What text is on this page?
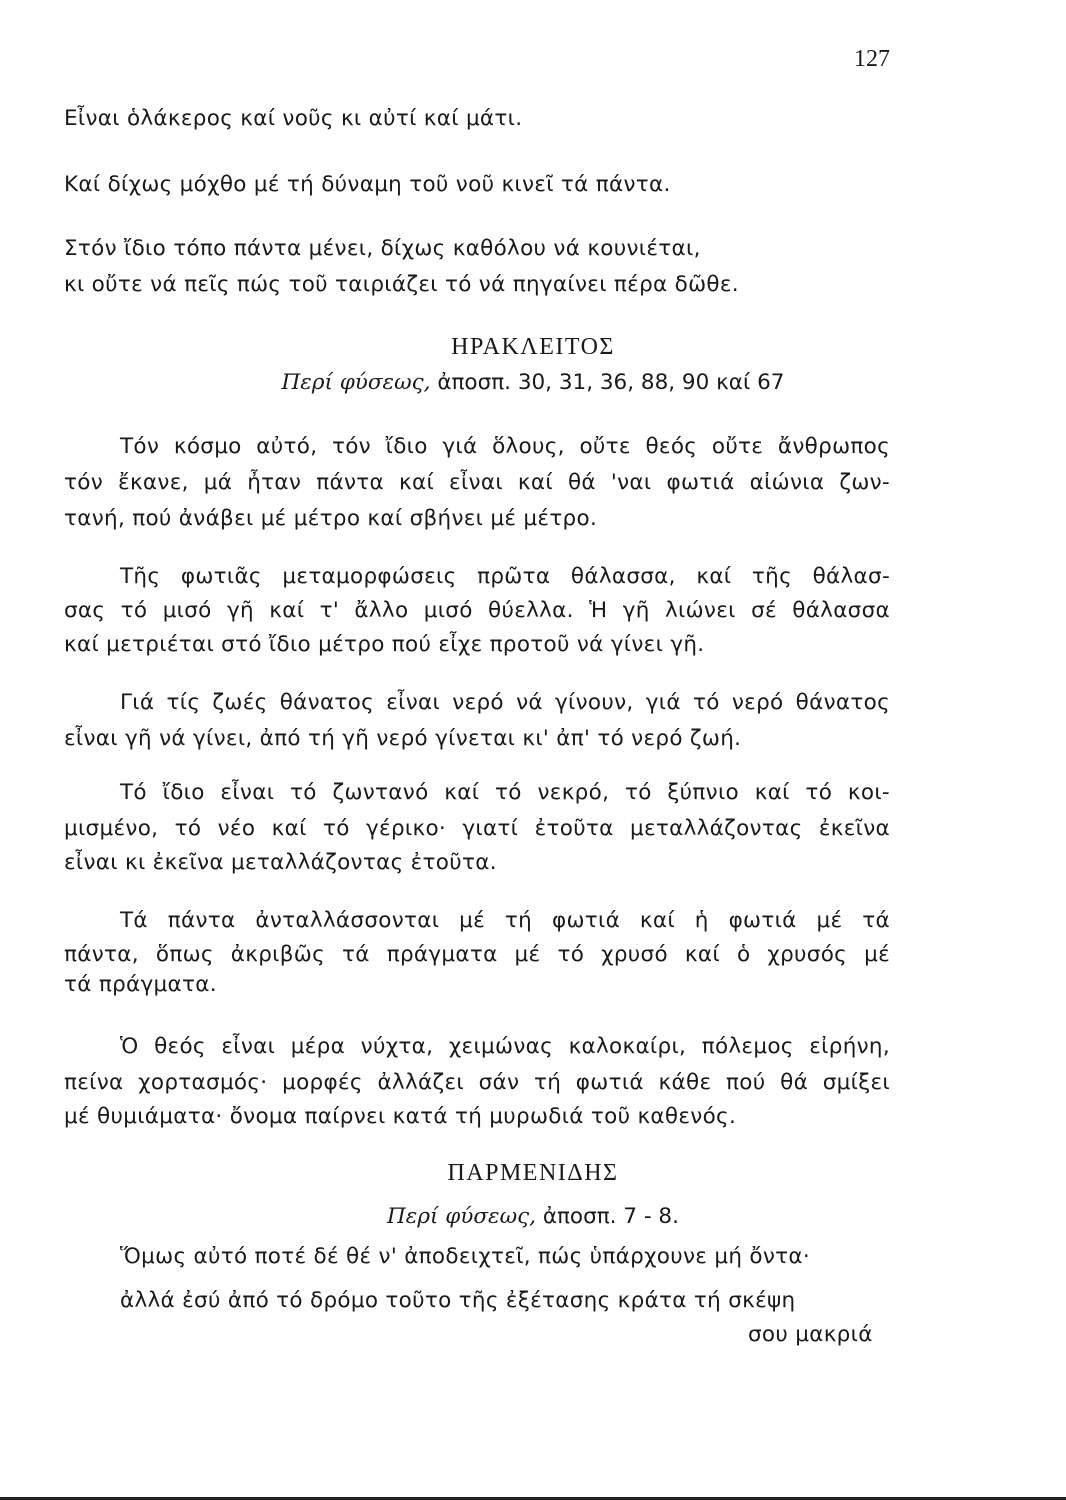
127
Εἶναι ὁλάκερος καί νοῦς κι αὐτί καί μάτι.
Καί δίχως μόχθο μέ τή δύναμη τοῦ νοῦ κινεῖ τά πάντα.
Στόν ἴδιο τόπο πάντα μένει, δίχως καθόλου νά κουνιέται,
κι οὔτε νά πεῖς πώς τοῦ ταιριάζει τό νά πηγαίνει πέρα δῶθε.
ΗΡΑΚΛΕΙΤΟΣ
Περί φύσεως, ἀποσπ. 30, 31, 36, 88, 90 καί 67
Τόν κόσμο αὐτό, τόν ἴδιο γιά ὅλους, οὔτε θεός οὔτε ἄνθρωπος
τόν ἔκανε, μά ἦταν πάντα καί εἶναι καί θά 'ναι φωτιά αἰώνια ζων-
τανή, πού ἀνάβει μέ μέτρο καί σβήνει μέ μέτρο.
Τῆς φωτιᾶς μεταμορφώσεις πρῶτα θάλασσα, καί τῆς θάλασ-
σας τό μισό γῆ καί τ' ἄλλο μισό θύελλα. Ἡ γῆ λιώνει σέ θάλασσα
καί μετριέται στό ἴδιο μέτρο πού εἶχε προτοῦ νά γίνει γῆ.
Γιά τίς ζωές θάνατος εἶναι νερό νά γίνουν, γιά τό νερό θάνατος
εἶναι γῆ νά γίνει, ἀπό τή γῆ νερό γίνεται κι' ἀπ' τό νερό ζωή.
Τό ἴδιο εἶναι τό ζωντανό καί τό νεκρό, τό ξύπνιο καί τό κοι-
μισμένο, τό νέο καί τό γέρικο· γιατί ἐτοῦτα μεταλλάζοντας ἐκεῖνα
εἶναι κι ἐκεῖνα μεταλλάζοντας ἐτοῦτα.
Τά πάντα ἀνταλλάσσονται μέ τή φωτιά καί ἡ φωτιά μέ τά
πάντα, ὅπως ἀκριβῶς τά πράγματα μέ τό χρυσό καί ὁ χρυσός μέ
τά πράγματα.
Ὁ θεός εἶναι μέρα νύχτα, χειμώνας καλοκαίρι, πόλεμος εἰρήνη,
πείνα χορτασμός· μορφές ἀλλάζει σάν τή φωτιά κάθε πού θά σμίξει
μέ θυμιάματα· ὄνομα παίρνει κατά τή μυρωδιά τοῦ καθενός.
ΠΑΡΜΕΝΙΔΗΣ
Περί φύσεως, ἀποσπ. 7 - 8.
Ὅμως αὐτό ποτέ δέ θέ ν' ἀποδειχτεῖ, πώς ὑπάρχουνε μή ὄντα·
ἀλλά ἐσύ ἀπό τό δρόμο τοῦτο τῆς ἐξέτασης κράτα τή σκέψη
σου μακριά
